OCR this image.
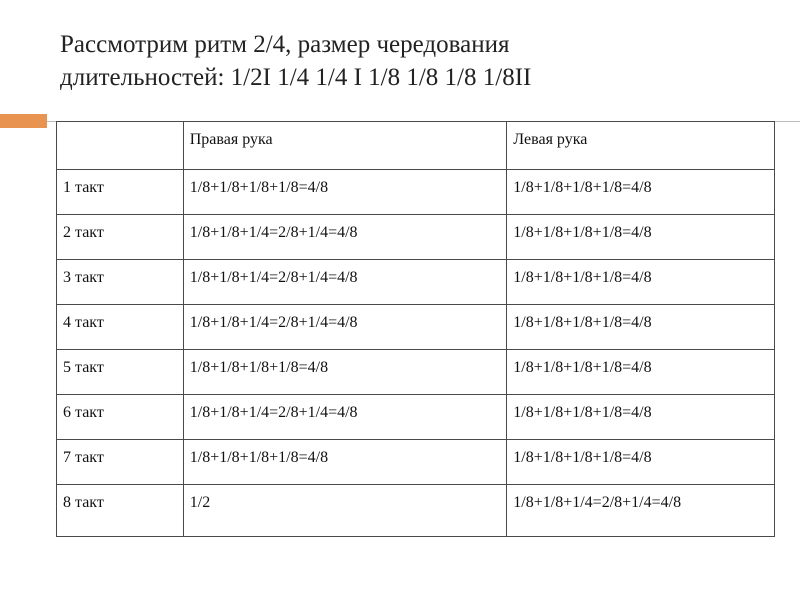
Рассмотрим ритм 2/4, размер чередования
длительностей: 1/2I 1/4 1/4 I 1/8 1/8 1/8 1/8II
	Правая рука	Левая рука
1 такт	1/8+1/8+1/8+1/8=4/8	1/8+1/8+1/8+1/8=4/8
2 такт	1/8+1/8+1/4=2/8+1/4=4/8	1/8+1/8+1/8+1/8=4/8
3 такт	1/8+1/8+1/4=2/8+1/4=4/8	1/8+1/8+1/8+1/8=4/8
4 такт	1/8+1/8+1/4=2/8+1/4=4/8	1/8+1/8+1/8+1/8=4/8
5 такт	1/8+1/8+1/8+1/8=4/8	1/8+1/8+1/8+1/8=4/8
6 такт	1/8+1/8+1/4=2/8+1/4=4/8	1/8+1/8+1/8+1/8=4/8
7 такт	1/8+1/8+1/8+1/8=4/8	1/8+1/8+1/8+1/8=4/8
8 такт	1/2	1/8+1/8+1/4=2/8+1/4=4/8
